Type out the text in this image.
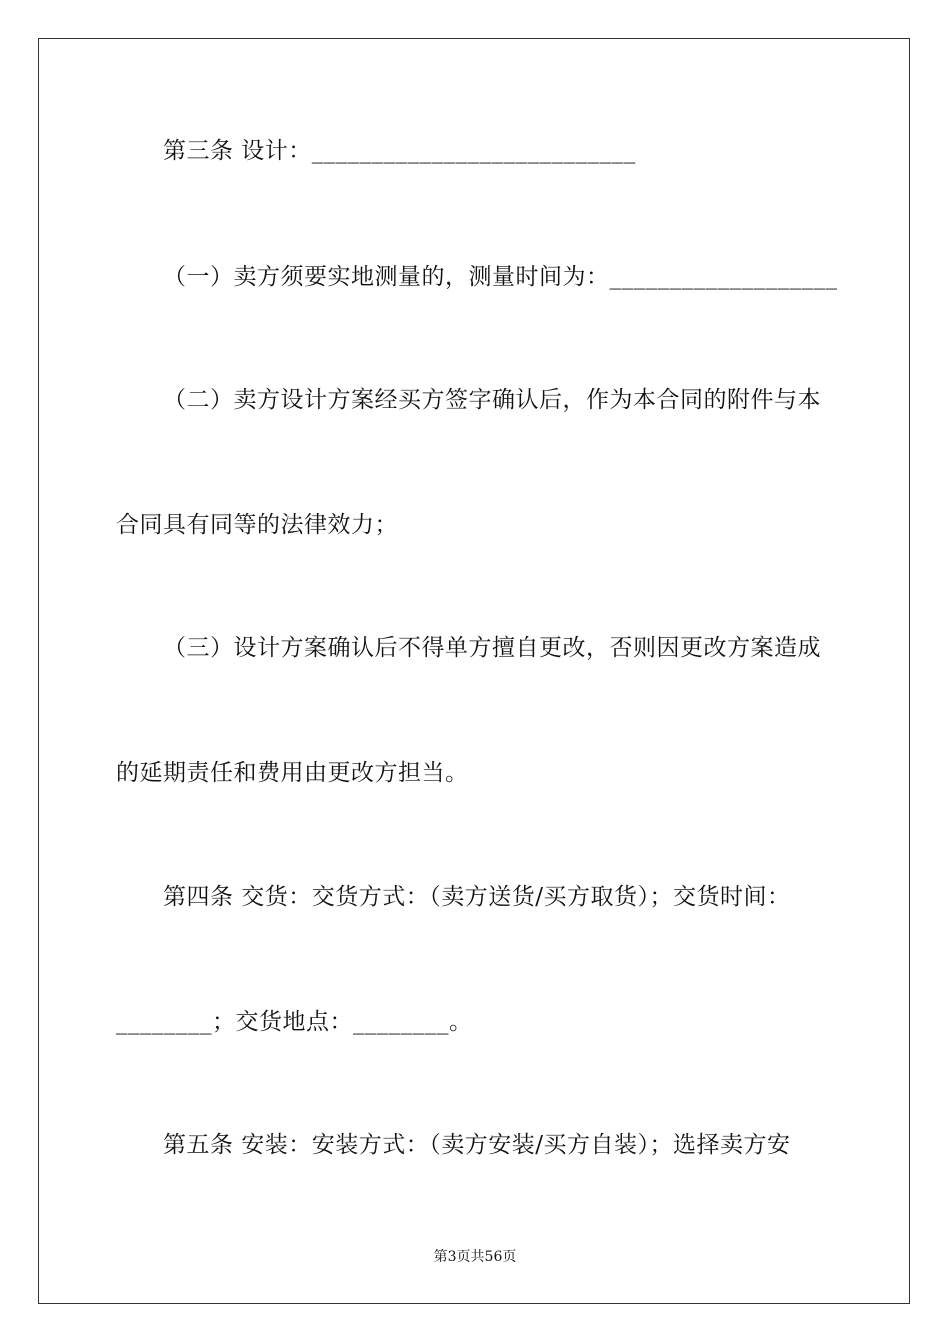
第三条 设计：___________________________
（一）卖方须要实地测量的，测量时间为：___________________
（二）卖方设计方案经买方签字确认后，作为本合同的附件与本
合同具有同等的法律效力；
（三）设计方案确认后不得单方擅自更改，否则因更改方案造成
的延期责任和费用由更改方担当。
第四条 交货：交货方式：（卖方送货/买方取货）；交货时间：
________；交货地点：________。
第五条 安装：安装方式：（卖方安装/买方自装）；选择卖方安
第3页共56页
